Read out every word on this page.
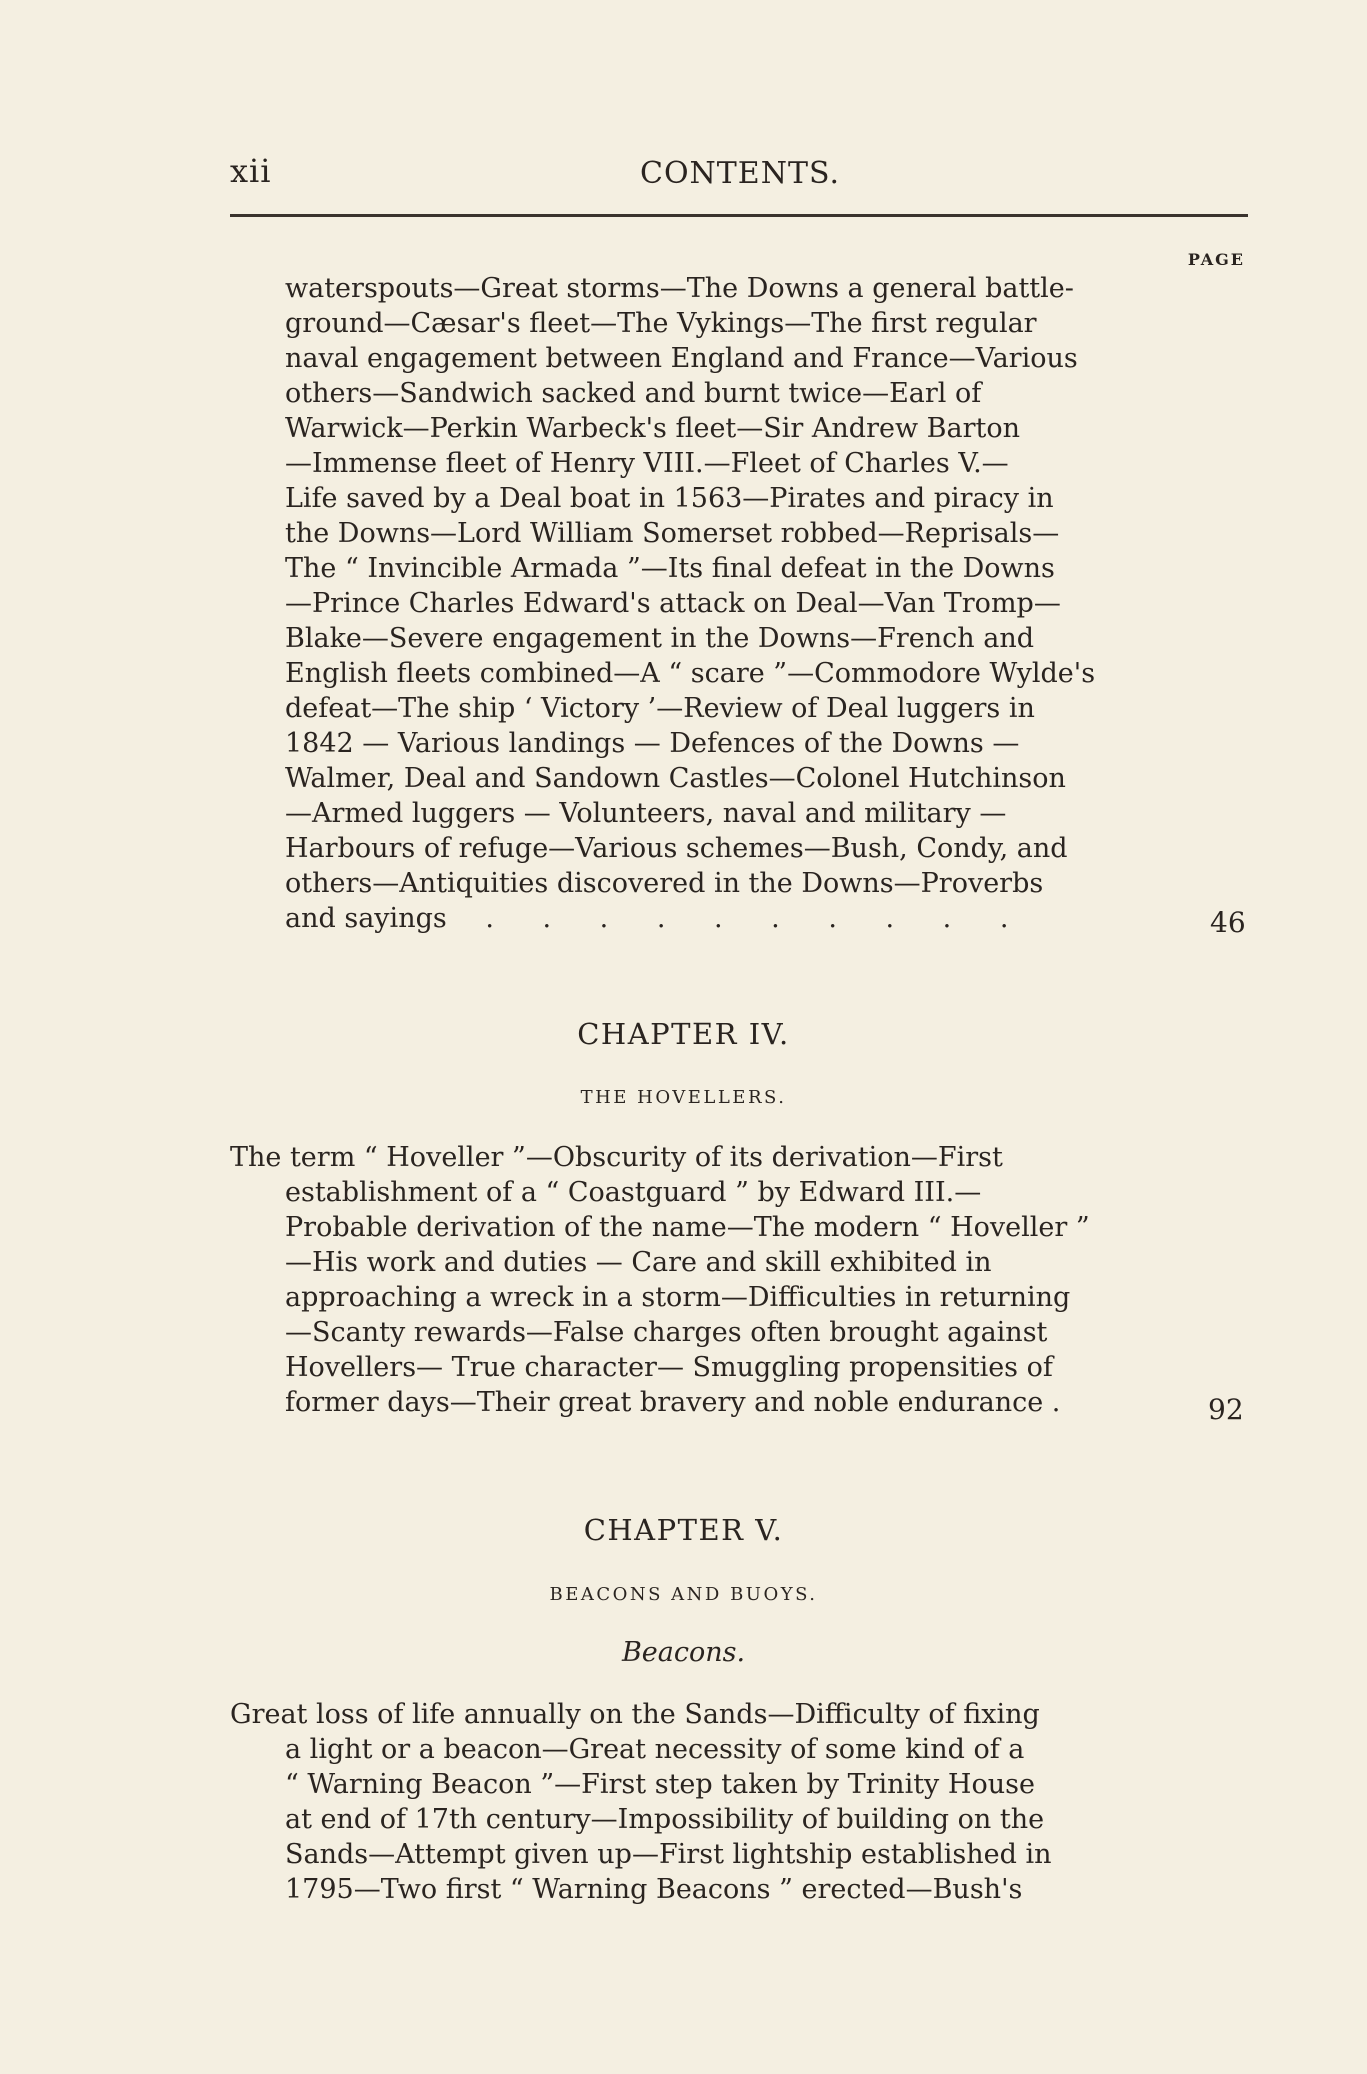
xii	CONTENTS.
PAGE
waterspouts—Great storms—The Downs a general battle-
ground—Cæsar's fleet—The Vykings—The first regular
naval engagement between England and France—Various
others—Sandwich sacked and burnt twice—Earl of
Warwick—Perkin Warbeck's fleet—Sir Andrew Barton
—Immense fleet of Henry VIII.—Fleet of Charles V.—
Life saved by a Deal boat in 1563—Pirates and piracy in
the Downs—Lord William Somerset robbed—Reprisals—
The “ Invincible Armada ”—Its final defeat in the Downs
—Prince Charles Edward's attack on Deal—Van Tromp—
Blake—Severe engagement in the Downs—French and
English fleets combined—A “ scare ”—Commodore Wylde's
defeat—The ship ‘ Victory ’—Review of Deal luggers in
1842 — Various landings — Defences of the Downs —
Walmer, Deal and Sandown Castles—Colonel Hutchinson
—Armed luggers — Volunteers, naval and military —
Harbours of refuge—Various schemes—Bush, Condy, and
others—Antiquities discovered in the Downs—Proverbs
and sayings . . . . . . . . . .	46
CHAPTER IV.
THE HOVELLERS.
The term “ Hoveller ”—Obscurity of its derivation—First
establishment of a “ Coastguard ” by Edward III.—
Probable derivation of the name—The modern “ Hoveller ”
—His work and duties — Care and skill exhibited in
approaching a wreck in a storm—Difficulties in returning
—Scanty rewards—False charges often brought against
Hovellers— True character— Smuggling propensities of
former days—Their great bravery and noble endurance .	92
CHAPTER V.
BEACONS AND BUOYS.
Beacons.
Great loss of life annually on the Sands—Difficulty of fixing
a light or a beacon—Great necessity of some kind of a
“ Warning Beacon ”—First step taken by Trinity House
at end of 17th century—Impossibility of building on the
Sands—Attempt given up—First lightship established in
1795—Two first “ Warning Beacons ” erected—Bush's
